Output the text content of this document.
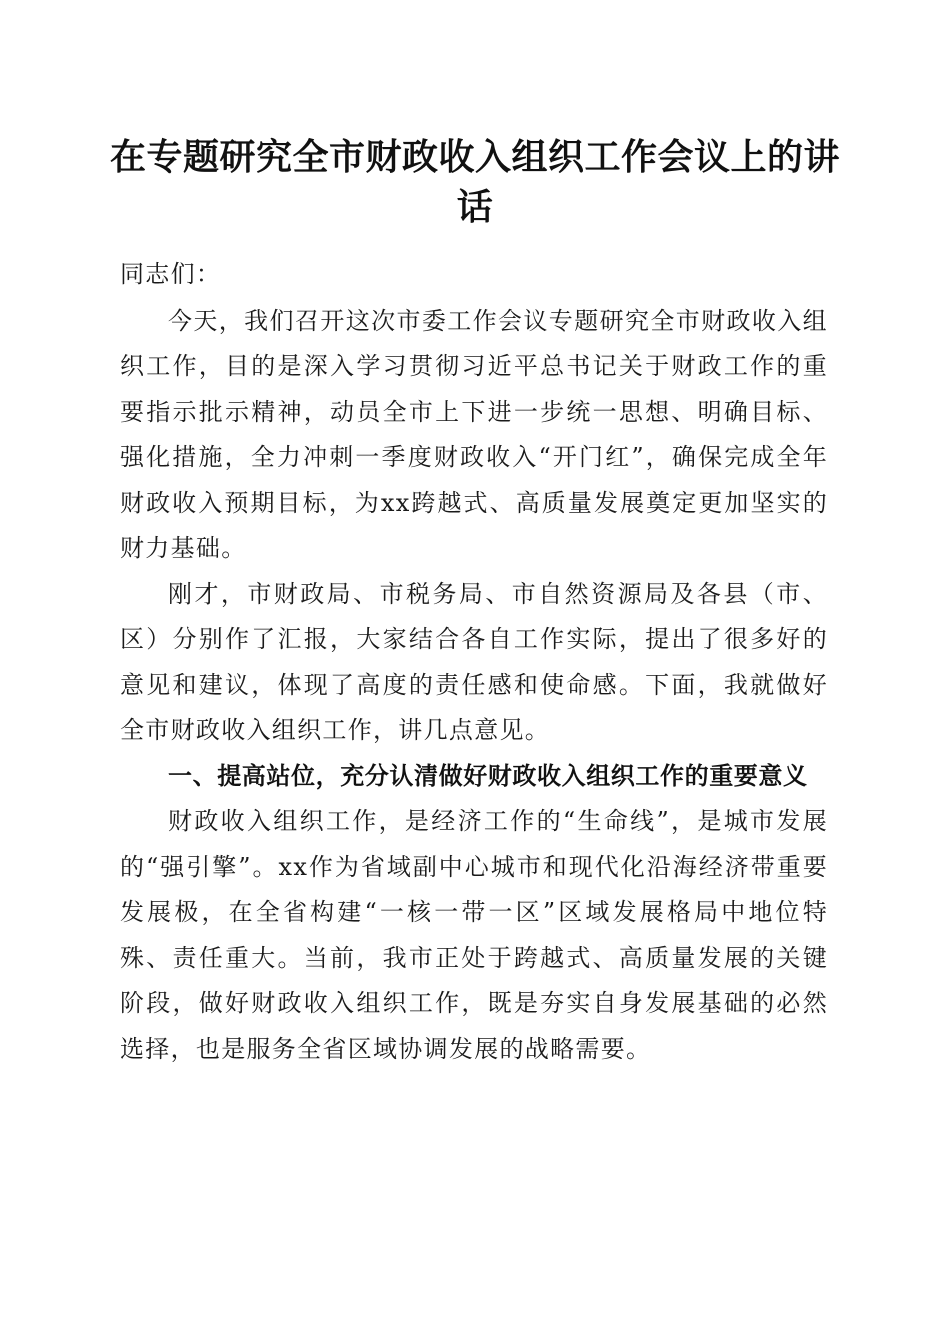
在专题研究全市财政收入组织工作会议上的讲话

同志们：

今天，我们召开这次市委工作会议专题研究全市财政收入组织工作，目的是深入学习贯彻习近平总书记关于财政工作的重要指示批示精神，动员全市上下进一步统一思想、明确目标、强化措施，全力冲刺一季度财政收入“开门红”，确保完成全年财政收入预期目标，为xx跨越式、高质量发展奠定更加坚实的财力基础。

刚才，市财政局、市税务局、市自然资源局及各县（市、区）分别作了汇报，大家结合各自工作实际，提出了很多好的意见和建议，体现了高度的责任感和使命感。下面，我就做好全市财政收入组织工作，讲几点意见。

一、提高站位，充分认清做好财政收入组织工作的重要意义

财政收入组织工作，是经济工作的“生命线”，是城市发展的“强引擎”。xx作为省域副中心城市和现代化沿海经济带重要发展极，在全省构建“一核一带一区”区域发展格局中地位特殊、责任重大。当前，我市正处于跨越式、高质量发展的关键阶段，做好财政收入组织工作，既是夯实自身发展基础的必然选择，也是服务全省区域协调发展的战略需要。
